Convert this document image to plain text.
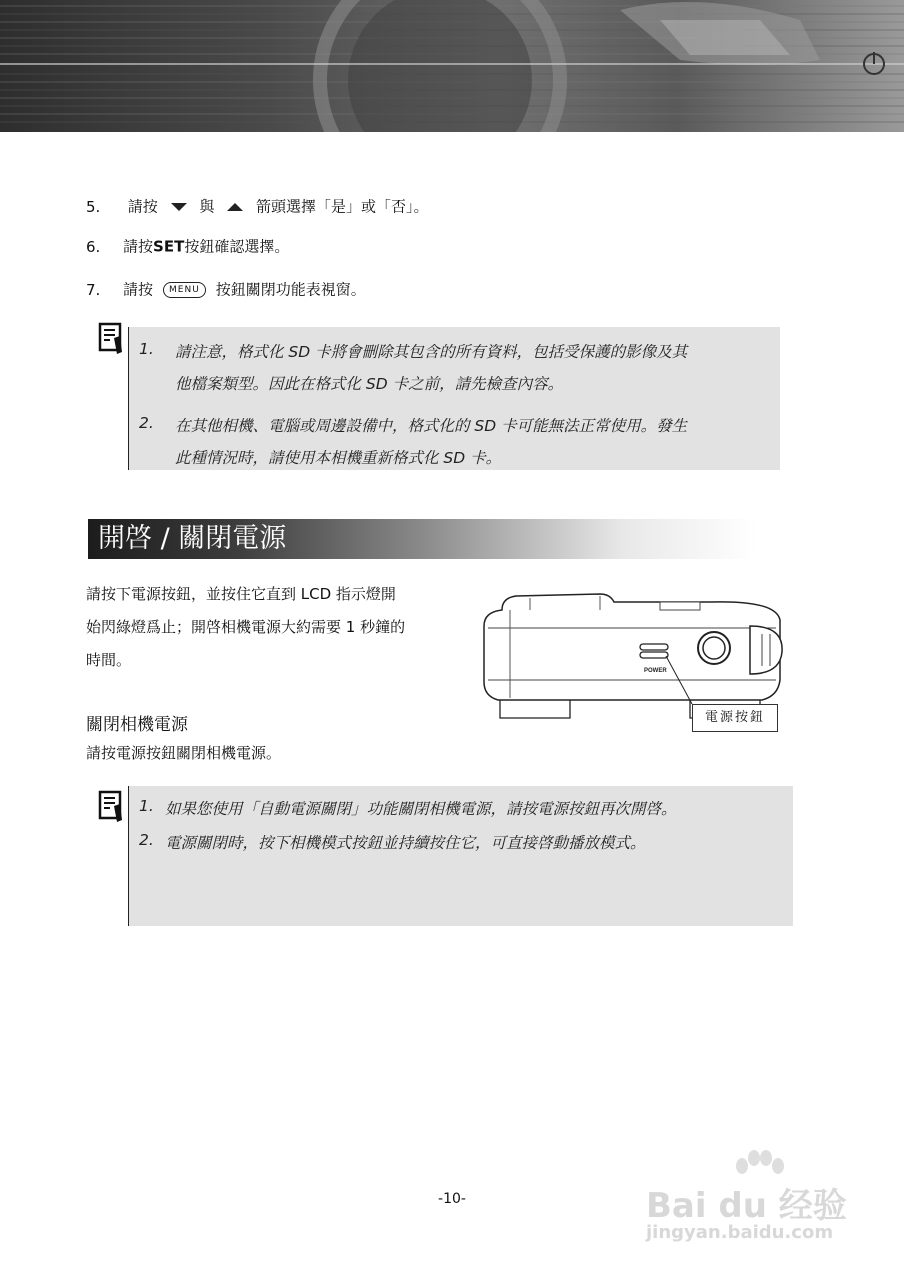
5. 請按	與	箭頭選擇「是」或「否」。
6. 請按SET按鈕確認選擇。
7. 請按 MENU 按鈕關閉功能表視窗。
1. 請注意，格式化 SD 卡將會刪除其包含的所有資料，包括受保護的影像及其
他檔案類型。因此在格式化 SD 卡之前，請先檢查內容。
2. 在其他相機、電腦或周邊設備中，格式化的 SD 卡可能無法正常使用。發生
此種情況時，請使用本相機重新格式化 SD 卡。
開啓 / 關閉電源
請按下電源按鈕，並按住它直到 LCD 指示燈開
始閃綠燈爲止；開啓相機電源大約需要 1 秒鐘的
時間。
POWER
電源按鈕
關閉相機電源
請按電源按鈕關閉相機電源。
1. 如果您使用「自動電源關閉」功能關閉相機電源，請按電源按鈕再次開啓。
2. 電源關閉時，按下相機模式按鈕並持續按住它，可直接啓動播放模式。
-10-	Bai du 经验
jingyan.baidu.com
